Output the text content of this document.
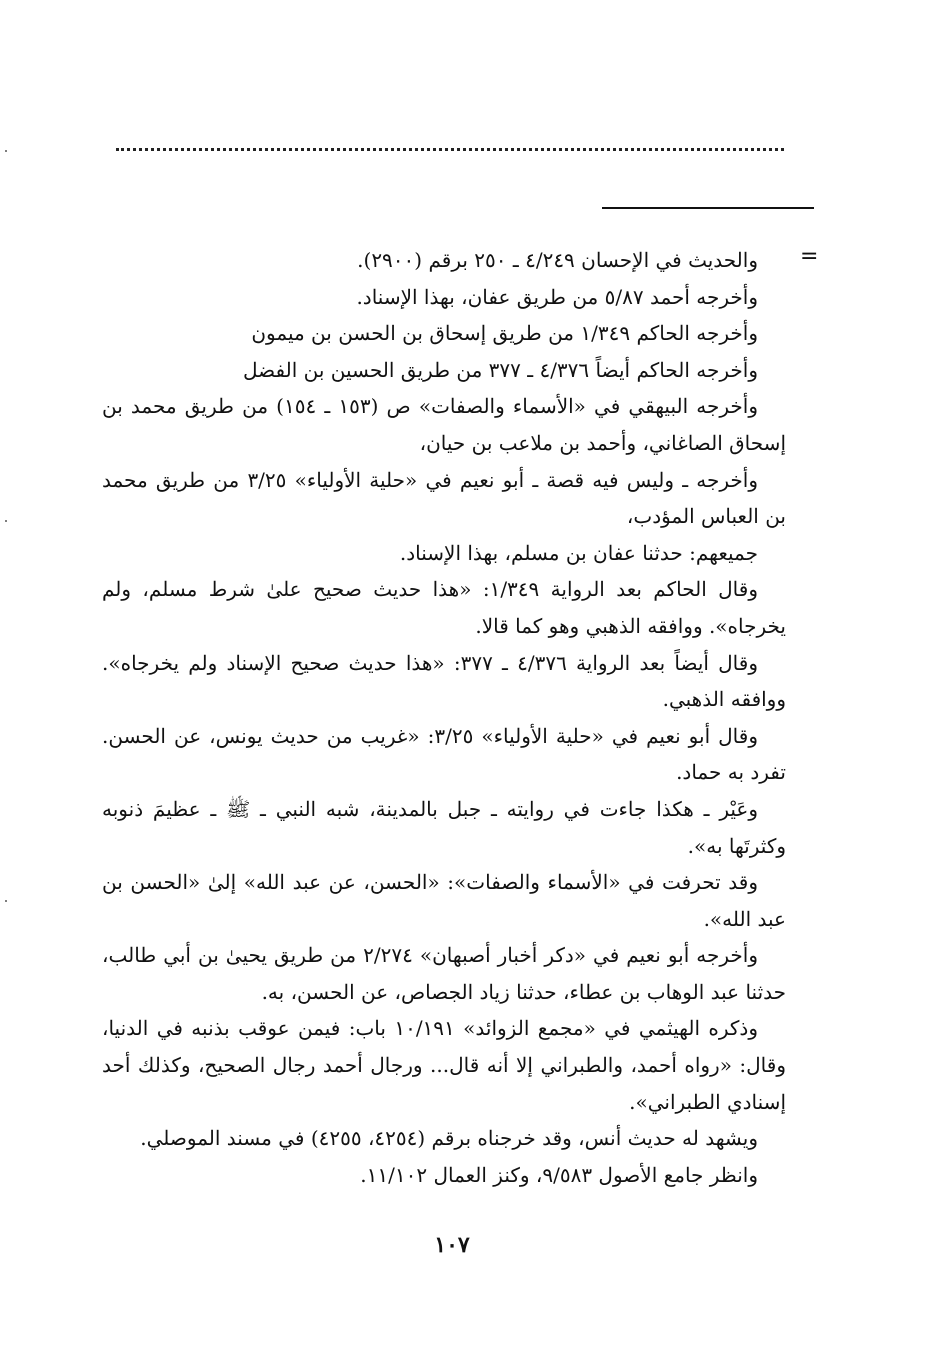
=

والحديث في الإحسان ٤/٢٤٩ ـ ٢٥٠ برقم (٢٩٠٠).

وأخرجه أحمد ٥/٨٧ من طريق عفان، بهذا الإسناد.

وأخرجه الحاكم ١/٣٤٩ من طريق إسحاق بن الحسن بن ميمون

وأخرجه الحاكم أيضاً ٤/٣٧٦ ـ ٣٧٧ من طريق الحسين بن الفضل

وأخرجه البيهقي في «الأسماء والصفات» ص (١٥٣ ـ ١٥٤) من طريق محمد بن إسحاق الصاغاني، وأحمد بن ملاعب بن حيان،

وأخرجه ـ وليس فيه قصة ـ أبو نعيم في «حلية الأولياء» ٣/٢٥ من طريق محمد بن العباس المؤدب،

جميعهم: حدثنا عفان بن مسلم، بهذا الإسناد.

وقال الحاكم بعد الرواية ١/٣٤٩: «هذا حديث صحيح علىٰ شرط مسلم، ولم يخرجاه». ووافقه الذهبي وهو كما قالا.

وقال أيضاً بعد الرواية ٤/٣٧٦ ـ ٣٧٧: «هذا حديث صحيح الإسناد ولم يخرجاه». ووافقه الذهبي.

وقال أبو نعيم في «حلية الأولياء» ٣/٢٥: «غريب من حديث يونس، عن الحسن. تفرد به حماد.

وعَيْر ـ هكذا جاءت في روايته ـ جبل بالمدينة، شبه النبي ـ ﷺ ـ عظيمَ ذنوبه وكثرتَها به».

وقد تحرفت في «الأسماء والصفات»: «الحسن، عن عبد الله» إلىٰ «الحسن بن عبد الله».

وأخرجه أبو نعيم في «دكر أخبار أصبهان» ٢/٢٧٤ من طريق يحيىٰ بن أبي طالب، حدثنا عبد الوهاب بن عطاء، حدثنا زياد الجصاص، عن الحسن، به.

وذكره الهيثمي في «مجمع الزوائد» ١٠/١٩١ باب: فيمن عوقب بذنبه في الدنيا، وقال: «رواه أحمد، والطبراني إلا أنه قال... ورجال أحمد رجال الصحيح، وكذلك أحد إسنادي الطبراني».

ويشهد له حديث أنس، وقد خرجناه برقم (٤٢٥٤، ٤٢٥٥) في مسند الموصلي.

وانظر جامع الأصول ٩/٥٨٣، وكنز العمال ١١/١٠٢.

١٠٧
